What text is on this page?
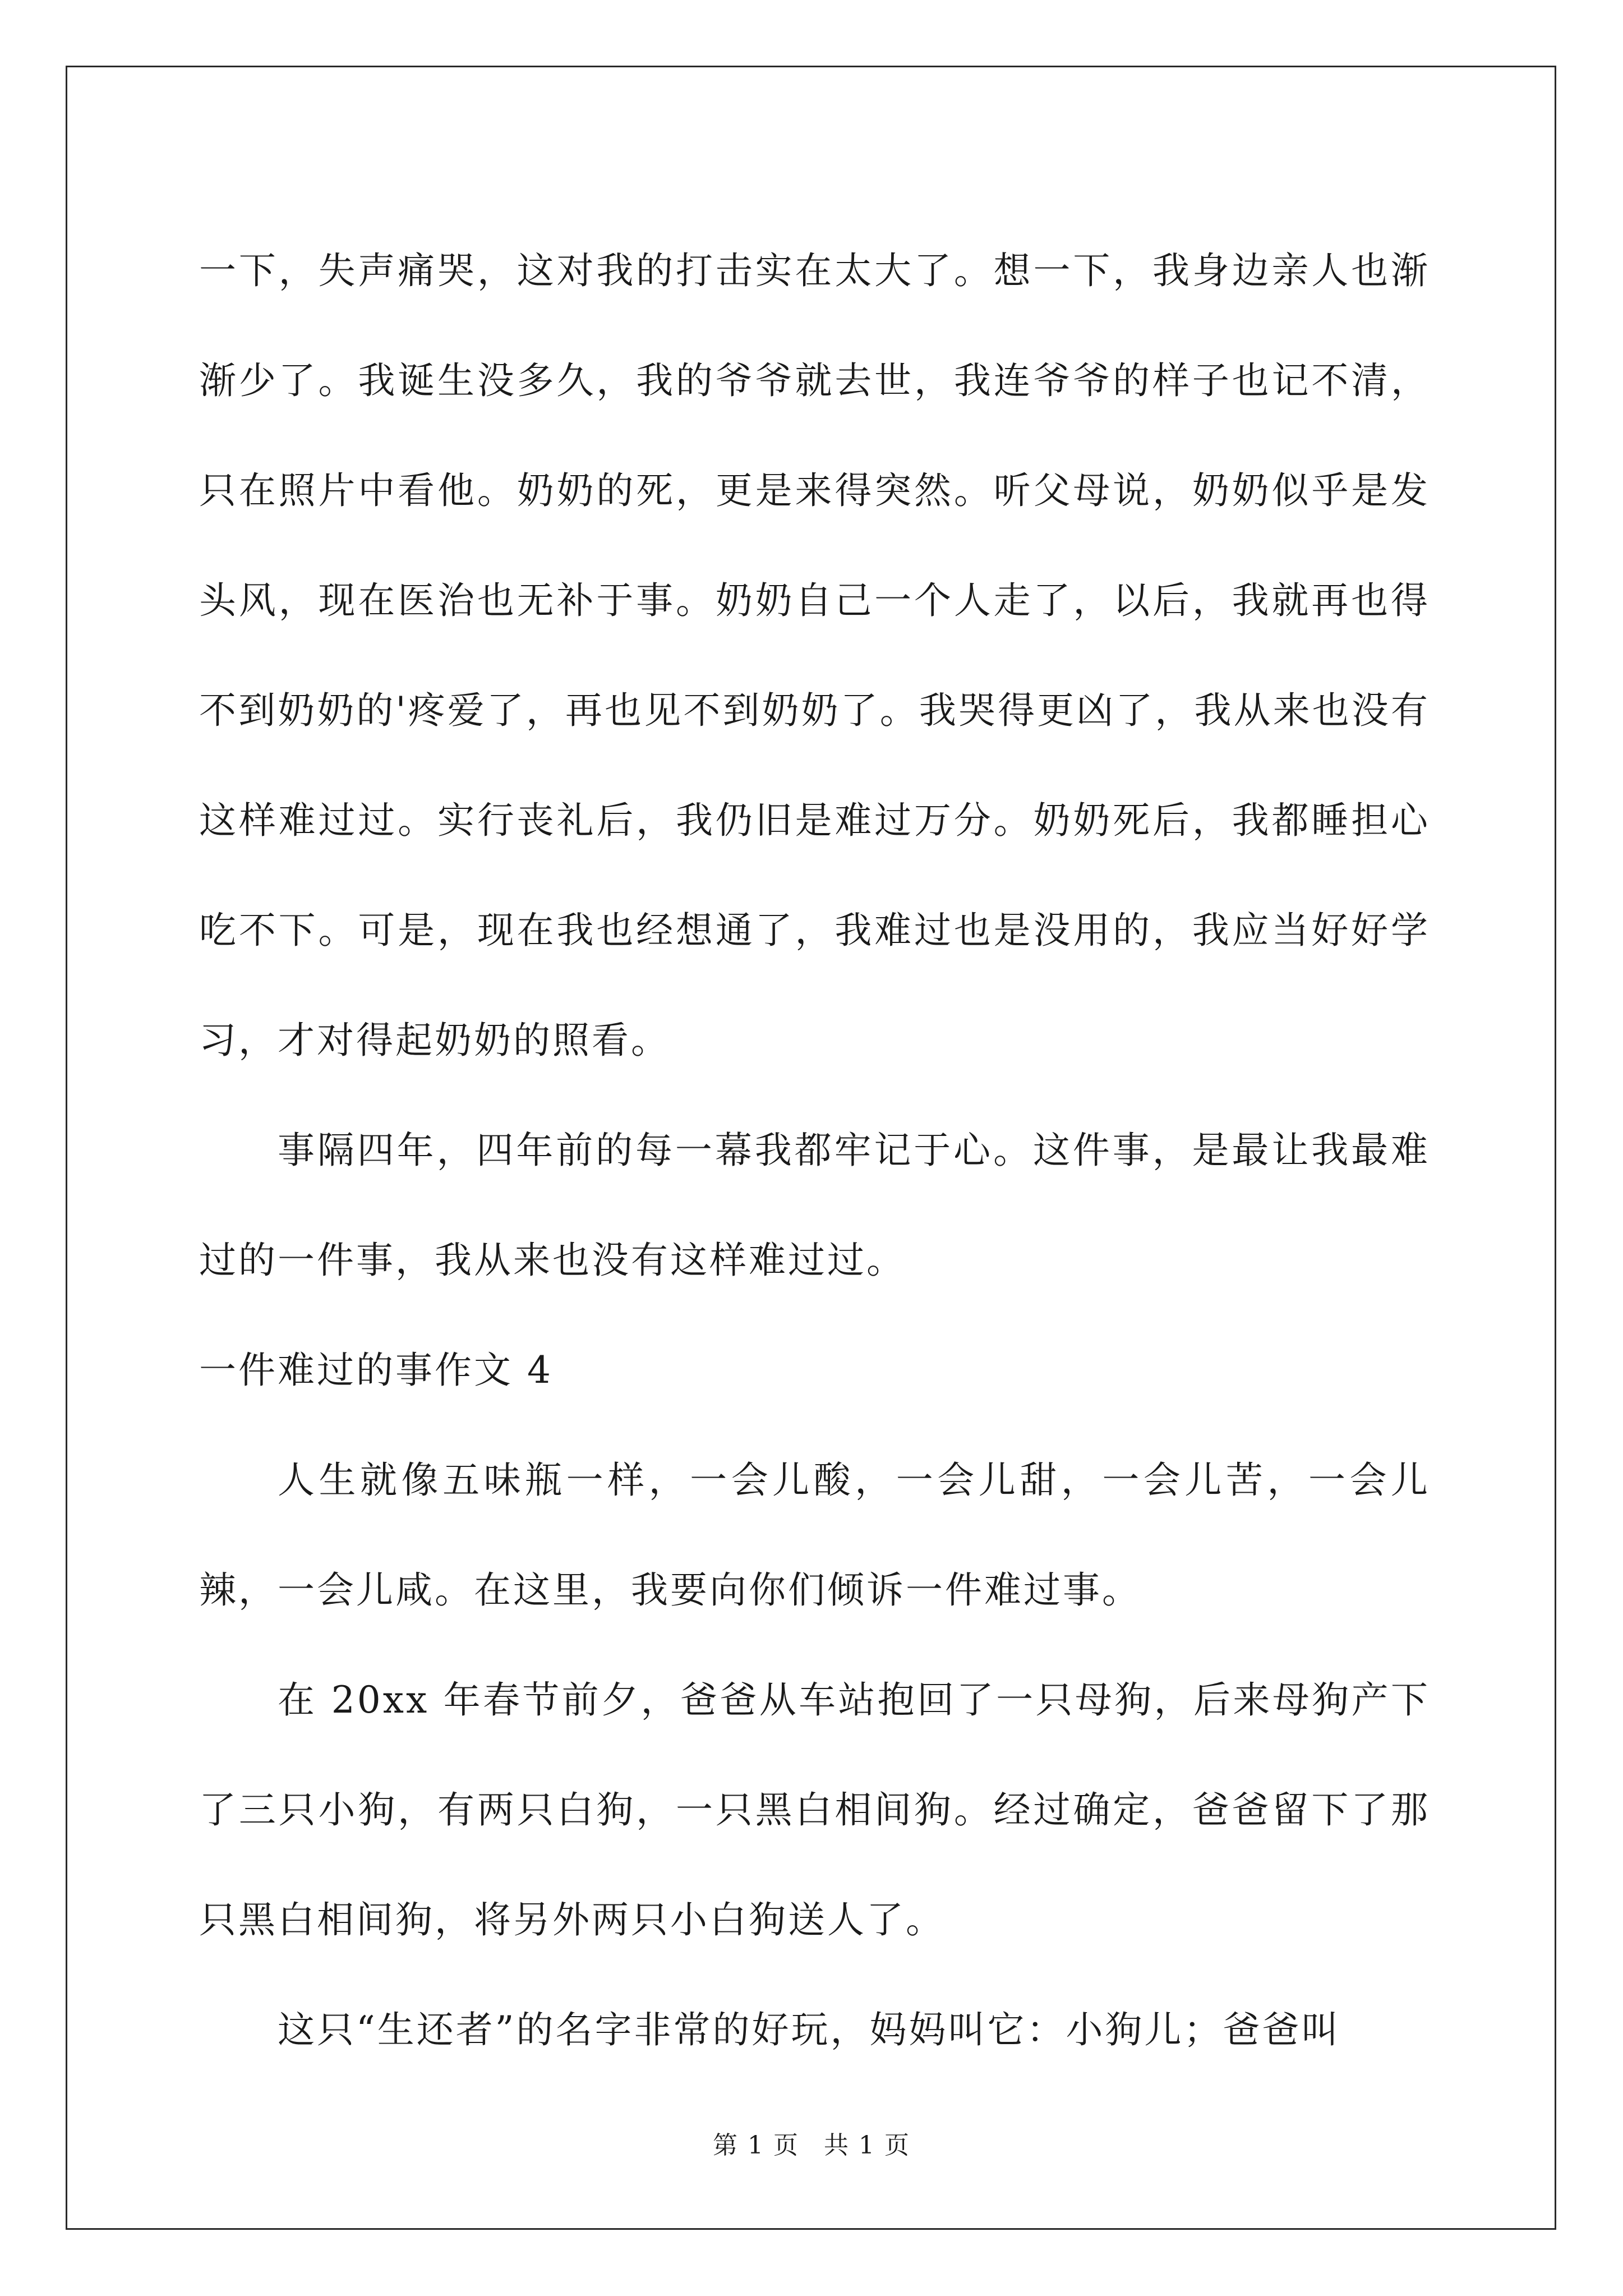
一下，失声痛哭，这对我的打击实在太大了。想一下，我身边亲人也渐渐少了。我诞生没多久，我的爷爷就去世，我连爷爷的样子也记不清，只在照片中看他。奶奶的死，更是来得突然。听父母说，奶奶似乎是发头风，现在医治也无补于事。奶奶自己一个人走了，以后，我就再也得不到奶奶的'疼爱了，再也见不到奶奶了。我哭得更凶了，我从来也没有这样难过过。实行丧礼后，我仍旧是难过万分。奶奶死后，我都睡担心吃不下。可是，现在我也经想通了，我难过也是没用的，我应当好好学习，才对得起奶奶的照看。

事隔四年，四年前的每一幕我都牢记于心。这件事，是最让我最难过的一件事，我从来也没有这样难过过。

一件难过的事作文 4

人生就像五味瓶一样，一会儿酸，一会儿甜，一会儿苦，一会儿辣，一会儿咸。在这里，我要向你们倾诉一件难过事。

在 20xx 年春节前夕，爸爸从车站抱回了一只母狗，后来母狗产下了三只小狗，有两只白狗，一只黑白相间狗。经过确定，爸爸留下了那只黑白相间狗，将另外两只小白狗送人了。

这只“生还者”的名字非常的好玩，妈妈叫它：小狗儿；爸爸叫

第 1 页 共 1 页
